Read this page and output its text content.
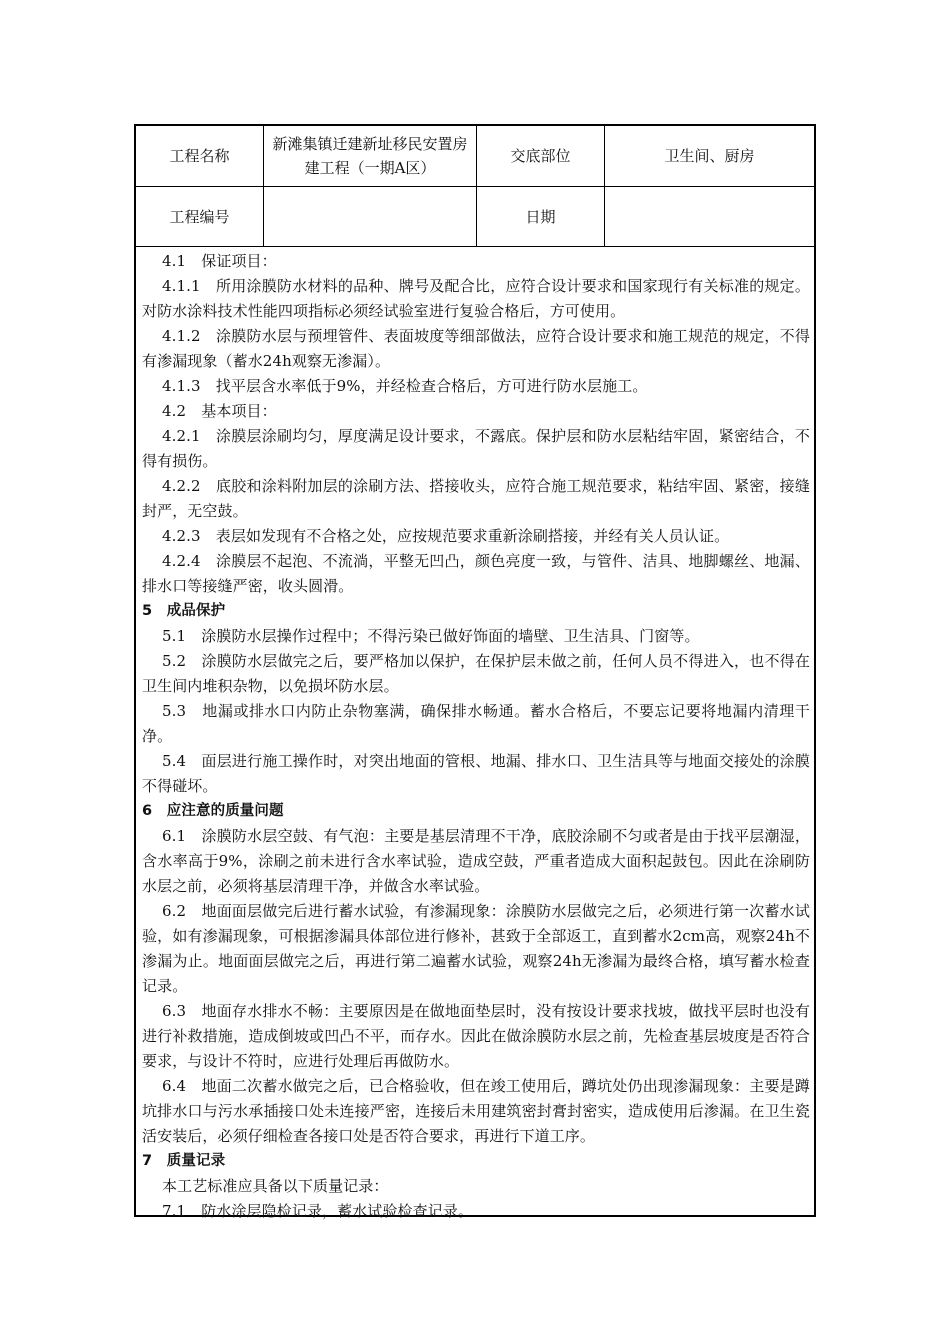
工程名称
新滩集镇迁建新址移民安置房建工程（一期A区）
交底部位	卫生间、厨房
工程编号	日期

4.1　保证项目：

4.1.1　所用涂膜防水材料的品种、牌号及配合比，应符合设计要求和国家现行有关标准的规定。对防水涂料技术性能四项指标必须经试验室进行复验合格后，方可使用。

4.1.2　涂膜防水层与预埋管件、表面坡度等细部做法，应符合设计要求和施工规范的规定，不得有渗漏现象（蓄水24h观察无渗漏）。

4.1.3　找平层含水率低于9%，并经检查合格后，方可进行防水层施工。

4.2　基本项目：

4.2.1　涂膜层涂刷均匀，厚度满足设计要求，不露底。保护层和防水层粘结牢固，紧密结合，不得有损伤。

4.2.2　底胶和涂料附加层的涂刷方法、搭接收头，应符合施工规范要求，粘结牢固、紧密，接缝封严，无空鼓。

4.2.3　表层如发现有不合格之处，应按规范要求重新涂刷搭接，并经有关人员认证。

4.2.4　涂膜层不起泡、不流淌，平整无凹凸，颜色亮度一致，与管件、洁具、地脚螺丝、地漏、排水口等接缝严密，收头圆滑。

5　成品保护

5.1　涂膜防水层操作过程中；不得污染已做好饰面的墙壁、卫生洁具、门窗等。

5.2　涂膜防水层做完之后，要严格加以保护，在保护层未做之前，任何人员不得进入，也不得在卫生间内堆积杂物，以免损坏防水层。

5.3　地漏或排水口内防止杂物塞满，确保排水畅通。蓄水合格后，不要忘记要将地漏内清理干净。

5.4　面层进行施工操作时，对突出地面的管根、地漏、排水口、卫生洁具等与地面交接处的涂膜不得碰坏。

6　应注意的质量问题

6.1　涂膜防水层空鼓、有气泡：主要是基层清理不干净，底胶涂刷不匀或者是由于找平层潮湿，含水率高于9%，涂刷之前未进行含水率试验，造成空鼓，严重者造成大面积起鼓包。因此在涂刷防水层之前，必须将基层清理干净，并做含水率试验。

6.2　地面面层做完后进行蓄水试验，有渗漏现象：涂膜防水层做完之后，必须进行第一次蓄水试验，如有渗漏现象，可根据渗漏具体部位进行修补，甚致于全部返工，直到蓄水2cm高，观察24h不渗漏为止。地面面层做完之后，再进行第二遍蓄水试验，观察24h无渗漏为最终合格，填写蓄水检查记录。

6.3　地面存水排水不畅：主要原因是在做地面垫层时，没有按设计要求找坡，做找平层时也没有进行补救措施，造成倒坡或凹凸不平，而存水。因此在做涂膜防水层之前，先检查基层坡度是否符合要求，与设计不符时，应进行处理后再做防水。

6.4　地面二次蓄水做完之后，已合格验收，但在竣工使用后，蹲坑处仍出现渗漏现象：主要是蹲坑排水口与污水承插接口处未连接严密，连接后未用建筑密封膏封密实，造成使用后渗漏。在卫生瓷活安装后，必须仔细检查各接口处是否符合要求，再进行下道工序。

7　质量记录

本工艺标准应具备以下质量记录：

7.1　防水涂层隐检记录，蓄水试验检查记录。
